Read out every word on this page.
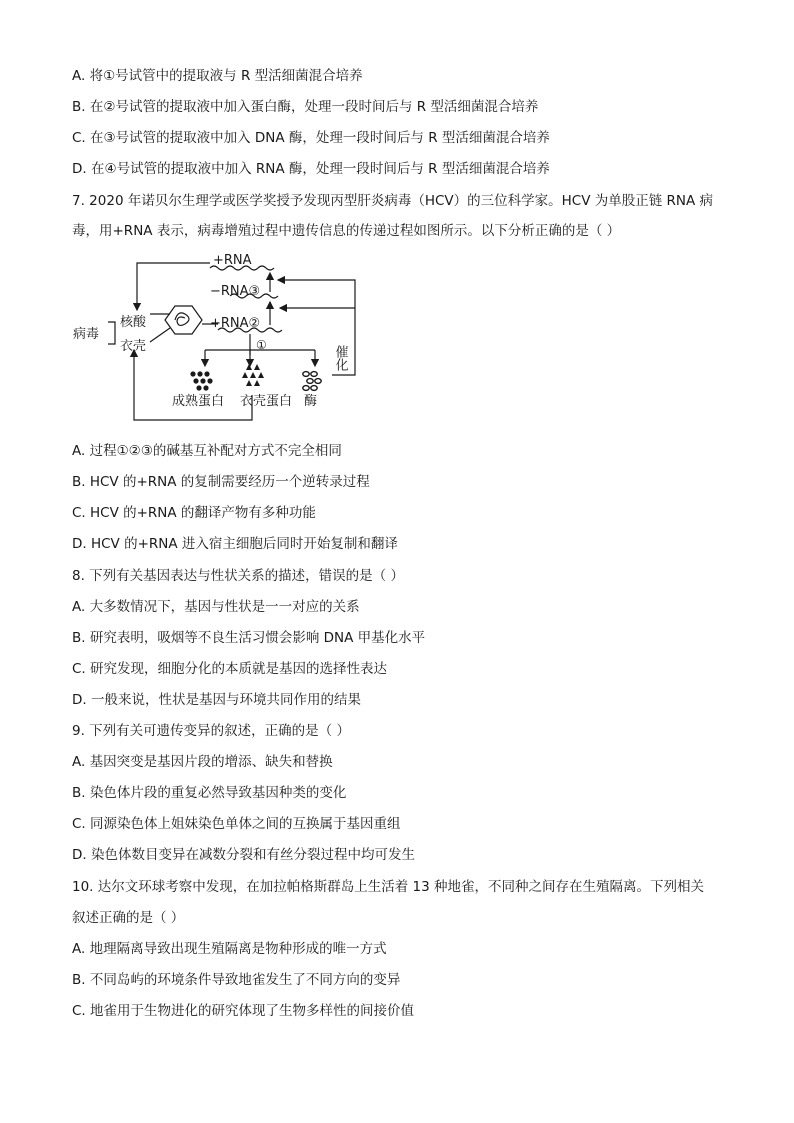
A. 将①号试管中的提取液与 R 型活细菌混合培养
B. 在②号试管的提取液中加入蛋白酶，处理一段时间后与 R 型活细菌混合培养
C. 在③号试管的提取液中加入 DNA 酶，处理一段时间后与 R 型活细菌混合培养
D. 在④号试管的提取液中加入 RNA 酶，处理一段时间后与 R 型活细菌混合培养
7. 2020 年诺贝尔生理学或医学奖授予发现丙型肝炎病毒（HCV）的三位科学家。HCV 为单股正链 RNA 病
毒，用+RNA 表示，病毒增殖过程中遗传信息的传递过程如图所示。以下分析正确的是（ ）
+RNA
−RNA③
+RNA②
①
病毒
核酸
衣壳	催化
成熟蛋白 衣壳蛋白 酶
A. 过程①②③的碱基互补配对方式不完全相同
B. HCV 的+RNA 的复制需要经历一个逆转录过程
C. HCV 的+RNA 的翻译产物有多种功能
D. HCV 的+RNA 进入宿主细胞后同时开始复制和翻译
8. 下列有关基因表达与性状关系的描述，错误的是（ ）
A. 大多数情况下，基因与性状是一一对应的关系
B. 研究表明，吸烟等不良生活习惯会影响 DNA 甲基化水平
C. 研究发现，细胞分化的本质就是基因的选择性表达
D. 一般来说，性状是基因与环境共同作用的结果
9. 下列有关可遗传变异的叙述，正确的是（ ）
A. 基因突变是基因片段的增添、缺失和替换
B. 染色体片段的重复必然导致基因种类的变化
C. 同源染色体上姐妹染色单体之间的互换属于基因重组
D. 染色体数目变异在减数分裂和有丝分裂过程中均可发生
10. 达尔文环球考察中发现，在加拉帕格斯群岛上生活着 13 种地雀，不同种之间存在生殖隔离。下列相关
叙述正确的是（ ）
A. 地理隔离导致出现生殖隔离是物种形成的唯一方式
B. 不同岛屿的环境条件导致地雀发生了不同方向的变异
C. 地雀用于生物进化的研究体现了生物多样性的间接价值
